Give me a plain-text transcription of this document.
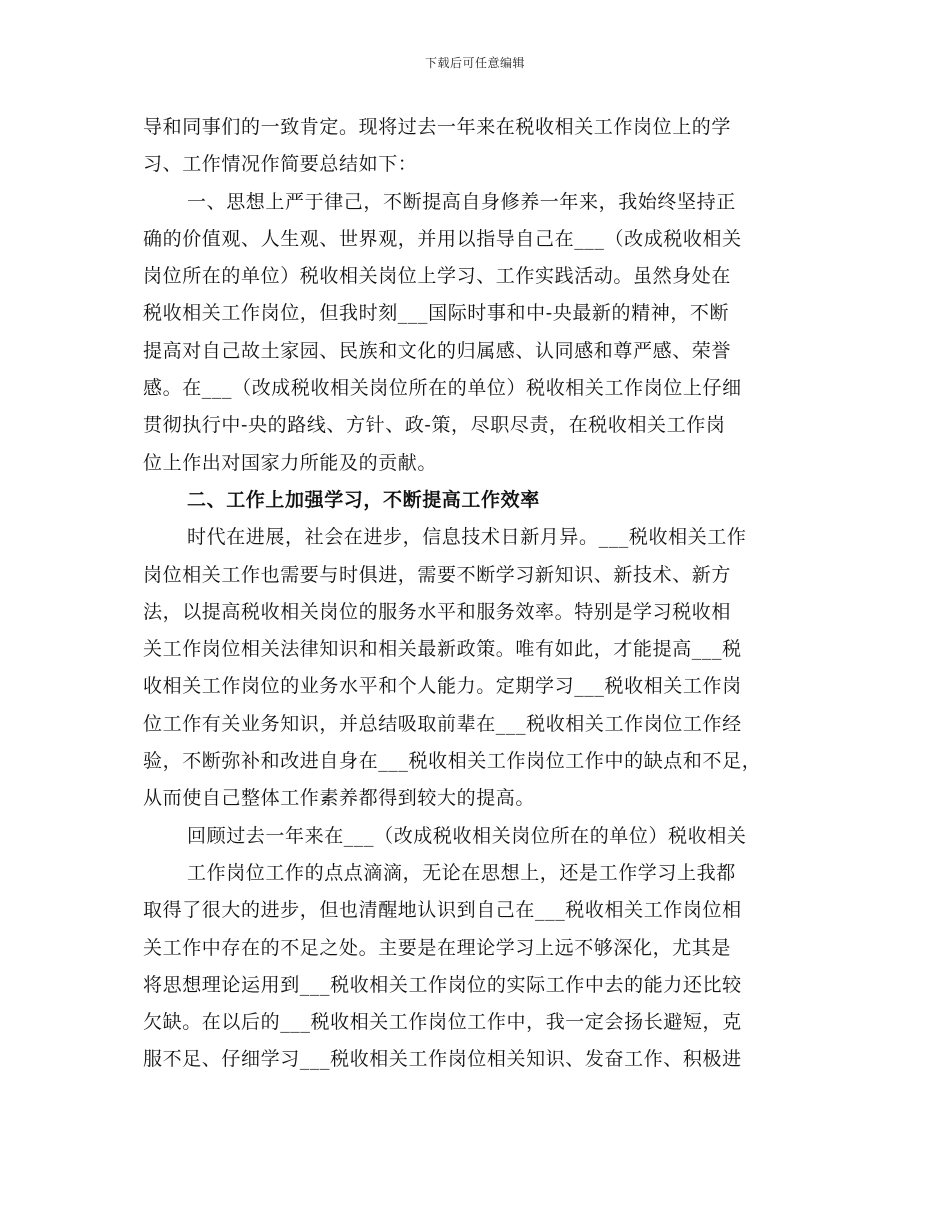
下载后可任意编辑
导和同事们的一致肯定。现将过去一年来在税收相关工作岗位上的学
习、工作情况作简要总结如下：
一、思想上严于律己，不断提高自身修养一年来，我始终坚持正
确的价值观、人生观、世界观，并用以指导自己在___（改成税收相关
岗位所在的单位）税收相关岗位上学习、工作实践活动。虽然身处在
税收相关工作岗位，但我时刻___国际时事和中-央最新的精神，不断
提高对自己故土家园、民族和文化的归属感、认同感和尊严感、荣誉
感。在___（改成税收相关岗位所在的单位）税收相关工作岗位上仔细
贯彻执行中-央的路线、方针、政-策，尽职尽责，在税收相关工作岗
位上作出对国家力所能及的贡献。
二、工作上加强学习，不断提高工作效率
时代在进展，社会在进步，信息技术日新月异。___税收相关工作
岗位相关工作也需要与时俱进，需要不断学习新知识、新技术、新方
法，以提高税收相关岗位的服务水平和服务效率。特别是学习税收相
关工作岗位相关法律知识和相关最新政策。唯有如此，才能提高___税
收相关工作岗位的业务水平和个人能力。定期学习___税收相关工作岗
位工作有关业务知识，并总结吸取前辈在___税收相关工作岗位工作经
验，不断弥补和改进自身在___税收相关工作岗位工作中的缺点和不足，
从而使自己整体工作素养都得到较大的提高。
回顾过去一年来在___（改成税收相关岗位所在的单位）税收相关
工作岗位工作的点点滴滴，无论在思想上，还是工作学习上我都
取得了很大的进步，但也清醒地认识到自己在___税收相关工作岗位相
关工作中存在的不足之处。主要是在理论学习上远不够深化，尤其是
将思想理论运用到___税收相关工作岗位的实际工作中去的能力还比较
欠缺。在以后的___税收相关工作岗位工作中，我一定会扬长避短，克
服不足、仔细学习___税收相关工作岗位相关知识、发奋工作、积极进
